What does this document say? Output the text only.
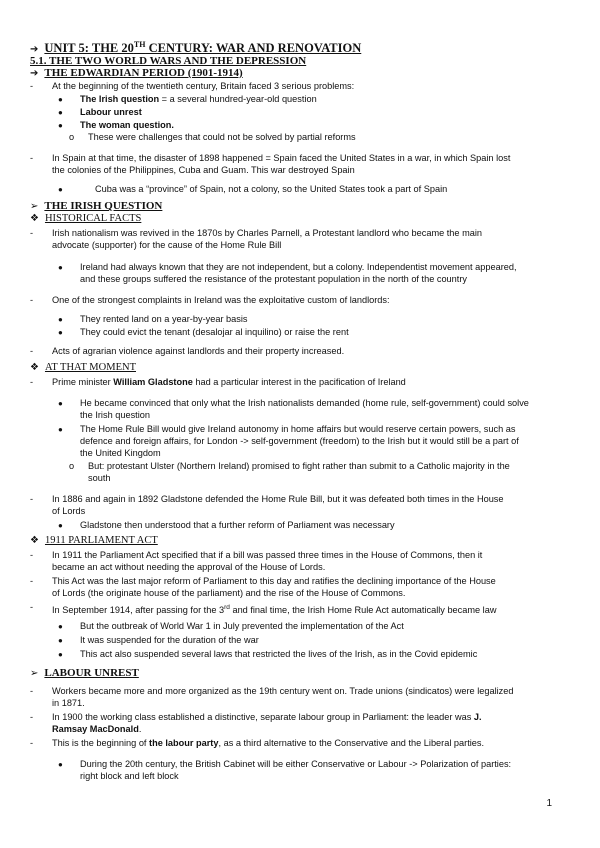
➔ UNIT 5: THE 20TH CENTURY: WAR AND RENOVATION
5.1. THE TWO WORLD WARS AND THE DEPRESSION
➔ THE EDWARDIAN PERIOD (1901-1914)
- At the beginning of the twentieth century, Britain faced 3 serious problems:
● The Irish question = a several hundred-year-old question
● Labour unrest
● The woman question.
o These were challenges that could not be solved by partial reforms
- In Spain at that time, the disaster of 1898 happened = Spain faced the United States in a war, in which Spain lost
the colonies of the Philippines, Cuba and Guam. This war destroyed Spain
●	Cuba was a “province” of Spain, not a colony, so the United States took a part of Spain
➢ THE IRISH QUESTION
❖ HISTORICAL FACTS
- Irish nationalism was revived in the 1870s by Charles Parnell, a Protestant landlord who became the main
advocate (supporter) for the cause of the Home Rule Bill
● Ireland had always known that they are not independent, but a colony. Independentist movement appeared,
and these groups suffered the resistance of the protestant population in the north of the country
- One of the strongest complaints in Ireland was the exploitative custom of landlords:
● They rented land on a year-by-year basis
● They could evict the tenant (desalojar al inquilino) or raise the rent
- Acts of agrarian violence against landlords and their property increased.
❖ AT THAT MOMENT
- Prime minister William Gladstone had a particular interest in the pacification of Ireland
● He became convinced that only what the Irish nationalists demanded (home rule, self-government) could solve
the Irish question
● The Home Rule Bill would give Ireland autonomy in home affairs but would reserve certain powers, such as
defence and foreign affairs, for London -> self-government (freedom) to the Irish but it would still be a part of
the United Kingdom
o But: protestant Ulster (Northern Ireland) promised to fight rather than submit to a Catholic majority in the
south
- In 1886 and again in 1892 Gladstone defended the Home Rule Bill, but it was defeated both times in the House
of Lords
● Gladstone then understood that a further reform of Parliament was necessary
❖ 1911 PARLIAMENT ACT
- In 1911 the Parliament Act specified that if a bill was passed three times in the House of Commons, then it
became an act without needing the approval of the House of Lords.
- This Act was the last major reform of Parliament to this day and ratifies the declining importance of the House
of Lords (the originate house of the parliament) and the rise of the House of Commons.
- In September 1914, after passing for the 3rd and final time, the Irish Home Rule Act automatically became law
● But the outbreak of World War 1 in July prevented the implementation of the Act
● It was suspended for the duration of the war
● This act also suspended several laws that restricted the lives of the Irish, as in the Covid epidemic
➢ LABOUR UNREST
- Workers became more and more organized as the 19th century went on. Trade unions (sindicatos) were legalized
in 1871.
- In 1900 the working class established a distinctive, separate labour group in Parliament: the leader was J.
Ramsay MacDonald.
- This is the beginning of the labour party, as a third alternative to the Conservative and the Liberal parties.
● During the 20th century, the British Cabinet will be either Conservative or Labour -> Polarization of parties:
right block and left block
1
